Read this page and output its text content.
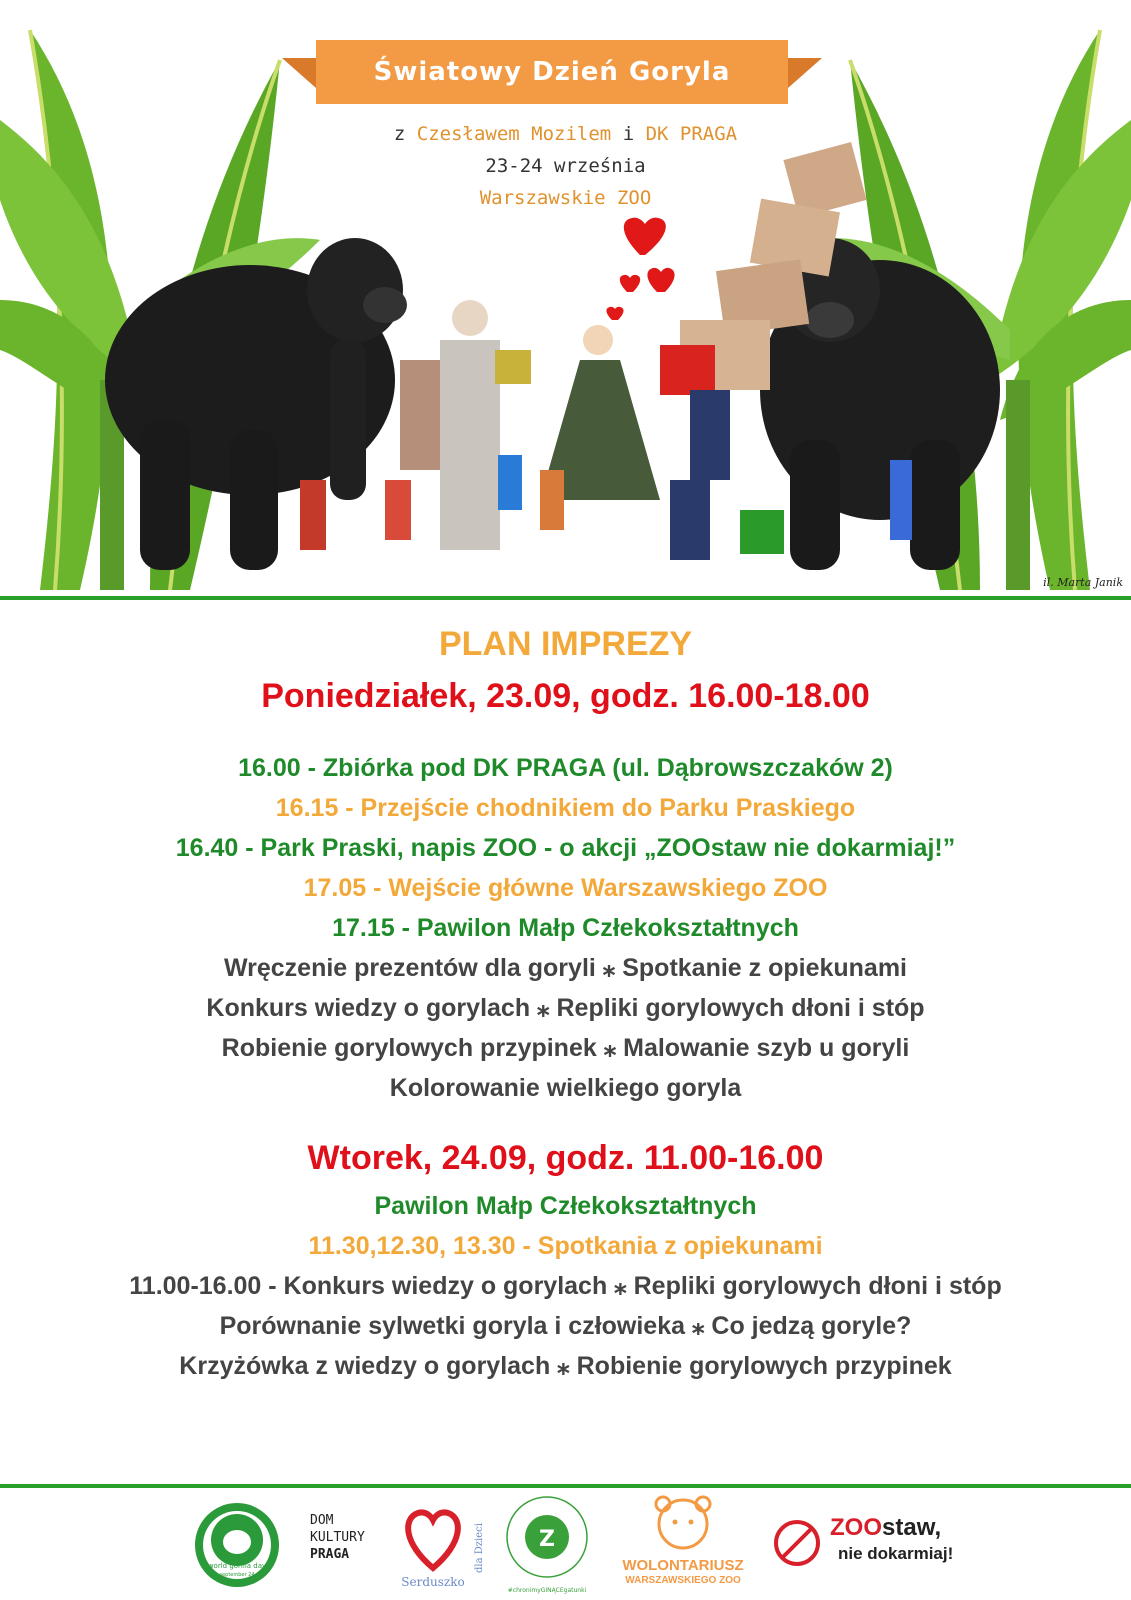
Światowy Dzień Goryla
z Czesławem Mozilem i DK PRAGA
23-24 września
Warszawskie ZOO
il. Marta Janik
PLAN IMPREZY
Poniedziałek, 23.09, godz. 16.00-18.00
16.00 - Zbiórka pod DK PRAGA (ul. Dąbrowszczaków 2)
16.15 - Przejście chodnikiem do Parku Praskiego
16.40 - Park Praski, napis ZOO - o akcji „ZOOstaw nie dokarmiaj!”
17.05 - Wejście główne Warszawskiego ZOO
17.15 - Pawilon Małp Człekokształtnych
Wręczenie prezentów dla goryli ⁎ Spotkanie z opiekunami
Konkurs wiedzy o gorylach ⁎ Repliki gorylowych dłoni i stóp
Robienie gorylowych przypinek ⁎ Malowanie szyb u goryli
Kolorowanie wielkiego goryla
Wtorek, 24.09, godz. 11.00-16.00
Pawilon Małp Człekokształtnych
11.30,12.30, 13.30 - Spotkania z opiekunami
11.00-16.00 - Konkurs wiedzy o gorylach ⁎ Repliki gorylowych dłoni i stóp
Porównanie sylwetki goryla i człowieka ⁎ Co jedzą goryle?
Krzyżówka z wiedzy o gorylach ⁎ Robienie gorylowych przypinek
world gorilla day
september 24
DOM
KULTURY
PRAGA
Serduszko
dla Dzieci Z
#chronimyGINĄCEgatunki
WOLONTARIUSZ
WARSZAWSKIEGO ZOO
ZOOstaw,
nie dokarmiaj!
